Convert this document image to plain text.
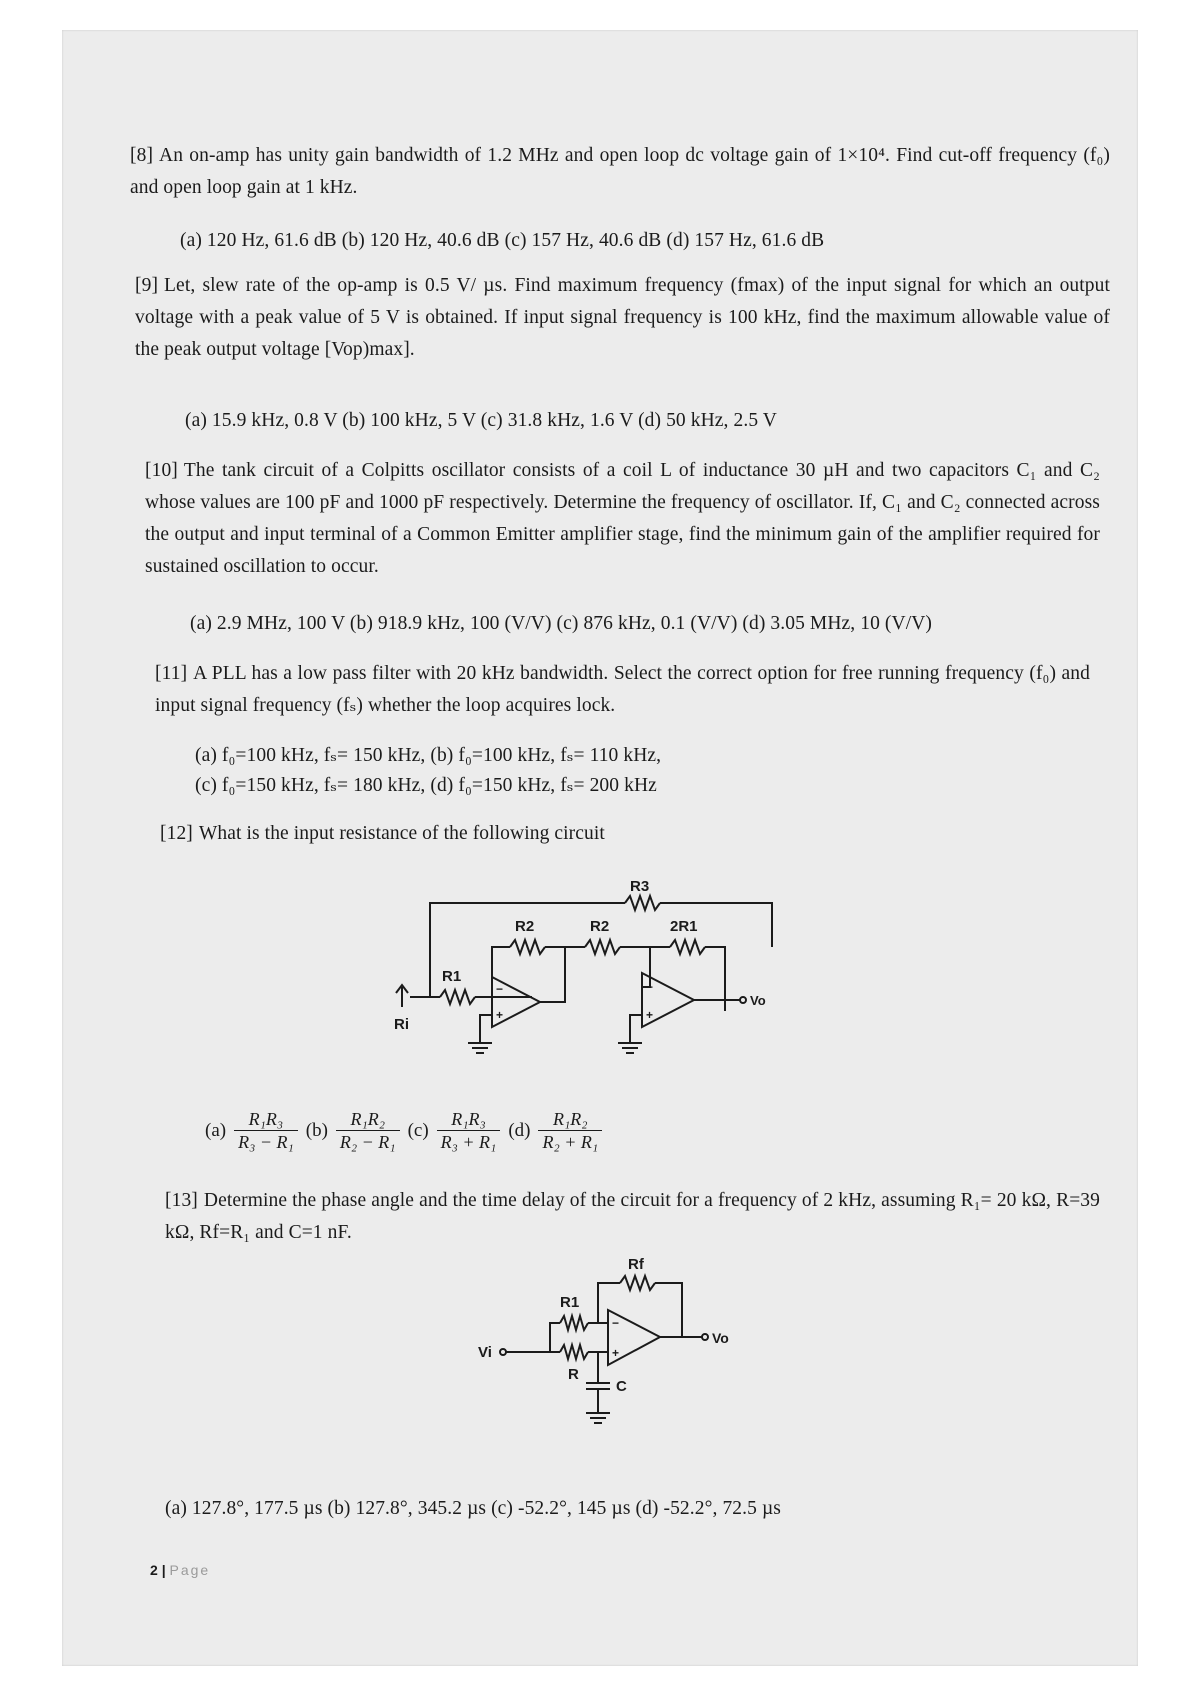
[8] An on-amp has unity gain bandwidth of 1.2 MHz and open loop dc voltage gain of 1×10⁴. Find cut-off frequency (f₀) and open loop gain at 1 kHz.
(a) 120 Hz, 61.6 dB (b) 120 Hz, 40.6 dB (c) 157 Hz, 40.6 dB (d) 157 Hz, 61.6 dB
[9] Let, slew rate of the op-amp is 0.5 V/ µs. Find maximum frequency (fmax) of the input signal for which an output voltage with a peak value of 5 V is obtained. If input signal frequency is 100 kHz, find the maximum allowable value of the peak output voltage [Vop)max].
(a) 15.9 kHz, 0.8 V (b) 100 kHz, 5 V (c) 31.8 kHz, 1.6 V (d) 50 kHz, 2.5 V
[10] The tank circuit of a Colpitts oscillator consists of a coil L of inductance 30 µH and two capacitors C₁ and C₂ whose values are 100 pF and 1000 pF respectively. Determine the frequency of oscillator. If, C₁ and C₂ connected across the output and input terminal of a Common Emitter amplifier stage, find the minimum gain of the amplifier required for sustained oscillation to occur.
(a) 2.9 MHz, 100 V (b) 918.9 kHz, 100 (V/V) (c) 876 kHz, 0.1 (V/V) (d) 3.05 MHz, 10 (V/V)
[11] A PLL has a low pass filter with 20 kHz bandwidth. Select the correct option for free running frequency (f₀) and input signal frequency (fₛ) whether the loop acquires lock.
(a) f₀=100 kHz, fₛ= 150 kHz, (b) f₀=100 kHz, fₛ= 110 kHz,
(c) f₀=150 kHz, fₛ= 180 kHz, (d) f₀=150 kHz, fₛ= 200 kHz
[12] What is the input resistance of the following circuit
R3
R2	R2	2R1
R1
Ri
Vo
−
+
−
+
$(a) \frac{\text{R₁R₃}}{\text{R₃ − R₁}} (b) \frac{\text{R₁R₂}}{\text{R₂ − R₁}} (c) \frac{\text{R₁R₃}}{\text{R₃ + R₁}} (d) \frac{\text{R₁R₂}}{\text{R₂ + R₁}}$
[13] Determine the phase angle and the time delay of the circuit for a frequency of 2 kHz, assuming R₁= 20 kΩ, R=39 kΩ, Rf=R₁ and C=1 nF.
Rf
R1
R
C
Vi
Vo
−
+
(a) 127.8°, 177.5 µs (b) 127.8°, 345.2 µs (c) -52.2°, 145 µs (d) -52.2°, 72.5 µs
2 | Page
